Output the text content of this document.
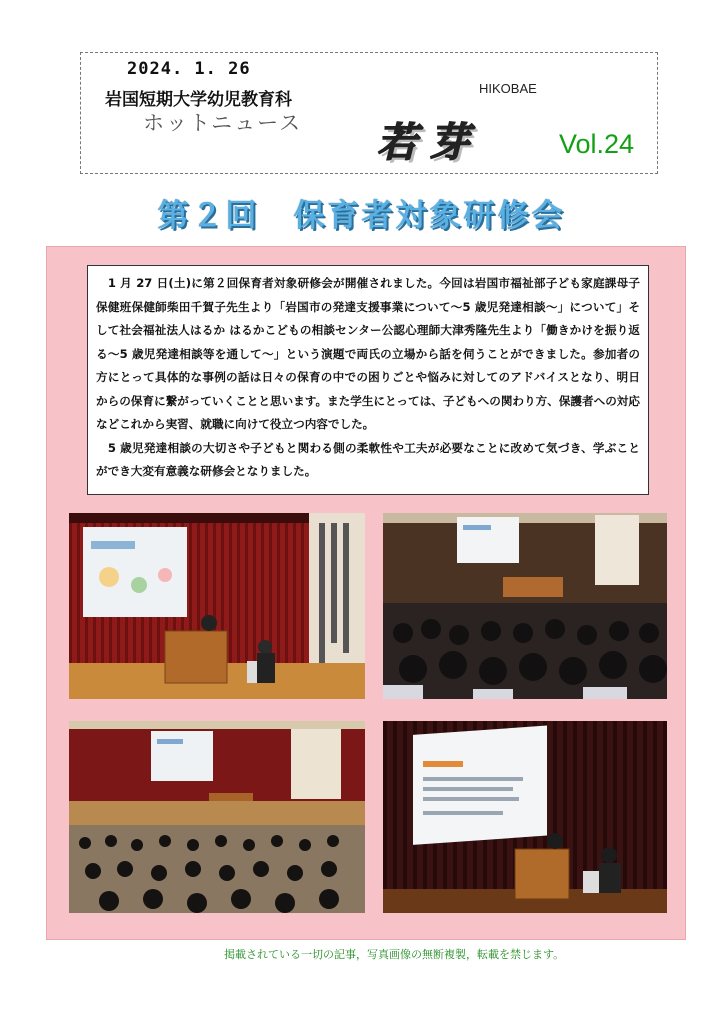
2024. 1. 26
岩国短期大学幼児教育科
ホットニュース
HIKOBAE
若芽	Vol.24
第２回　保育者対象研修会
　1 月 27 日(土)に第２回保育者対象研修会が開催されました。今回は岩国市福祉部子ども家庭課母子保健班保健師柴田千賀子先生より「岩国市の発達支援事業について～5 歳児発達相談～」について」そして社会福祉法人はるか はるかこどもの相談センター公認心理師大津秀隆先生より「働きかけを振り返る～5 歳児発達相談等を通して～」という演題で両氏の立場から話を伺うことができました。参加者の方にとって具体的な事例の話は日々の保育の中での困りごとや悩みに対してのアドバイスとなり、明日からの保育に繋がっていくことと思います。また学生にとっては、子どもへの関わり方、保護者への対応などこれから実習、就職に向けて役立つ内容でした。
　5 歳児発達相談の大切さや子どもと関わる側の柔軟性や工夫が必要なことに改めて気づき、学ぶことができ大変有意義な研修会となりました。
掲載されている一切の記事，写真画像の無断複製，転載を禁じます。
